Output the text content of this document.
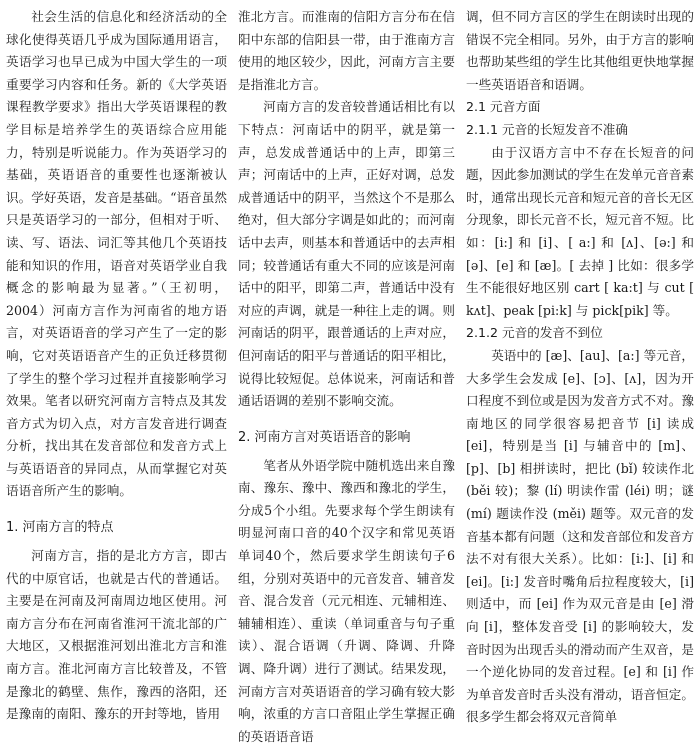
社会生活的信息化和经济活动的全球化使得英语几乎成为国际通用语言，英语学习也早已成为中国大学生的一项重要学习内容和任务。新的《大学英语课程教学要求》指出大学英语课程的教学目标是培养学生的英语综合应用能力，特别是听说能力。作为英语学习的基础，英语语音的重要性也逐渐被认识。学好英语，发音是基础。“语音虽然只是英语学习的一部分，但相对于听、读、写、语法、词汇等其他几个英语技能和知识的作用，语音对英语学业自我概念的影响最为显著。”（王初明，2004）河南方言作为河南省的地方语言，对英语语音的学习产生了一定的影响，它对英语语音产生的正负迁移贯彻了学生的整个学习过程并直接影响学习效果。笔者以研究河南方言特点及其发音方式为切入点，对方言发音进行调查分析，找出其在发音部位和发音方式上与英语语音的异同点，从而掌握它对英语语音所产生的影响。

1. 河南方言的特点

河南方言，指的是北方方言，即古代的中原官话，也就是古代的普通话。主要是在河南及河南周边地区使用。河南方言分布在河南省淮河干流北部的广大地区，又根据淮河划出淮北方言和淮南方言。淮北河南方言比较普及，不管是豫北的鹤壁、焦作，豫西的洛阳，还是豫南的南阳、豫东的开封等地，皆用

淮北方言。而淮南的信阳方言分布在信阳中东部的信阳县一带，由于淮南方言使用的地区较少，因此，河南方言主要是指淮北方言。

河南方言的发音较普通话相比有以下特点：河南话中的阴平，就是第一声，总发成普通话中的上声，即第三声；河南话中的上声，正好对调，总发成普通话中的阴平，当然这个不是那么绝对，但大部分字调是如此的；而河南话中去声，则基本和普通话中的去声相同；较普通话有重大不同的应该是河南话中的阳平，即第二声，普通话中没有对应的声调，就是一种往上走的调。则河南话的阴平，跟普通话的上声对应，但河南话的阳平与普通话的阳平相比，说得比较短促。总体说来，河南话和普通话语调的差别不影响交流。

2. 河南方言对英语语音的影响

笔者从外语学院中随机选出来自豫南、豫东、豫中、豫西和豫北的学生，分成5个小组。先要求每个学生朗读有明显河南口音的40个汉字和常见英语单词40个，然后要求学生朗读句子6组，分别对英语中的元音发音、辅音发音、混合发音（元元相连、元辅相连、辅辅相连）、重读（单词重音与句子重读）、混合语调（升调、降调、升降调、降升调）进行了测试。结果发现，河南方言对英语语音的学习确有较大影响，浓重的方言口音阻止学生掌握正确的英语语音语

调，但不同方言区的学生在朗读时出现的错误不完全相同。另外，由于方言的影响也帮助某些组的学生比其他组更快地掌握一些英语语音和语调。

2.1 元音方面
2.1.1 元音的长短发音不准确

由于汉语方言中不存在长短音的问题，因此参加测试的学生在发单元音音素时，通常出现长元音和短元音的音长无区分现象，即长元音不长，短元音不短。比如：[i:] 和 [i]、[ a:] 和 [ʌ]、[ə:] 和 [ə]、[e] 和 [æ]。[ 去掉 ] 比如：很多学生不能很好地区别 cart [ ka:t] 与 cut [ kʌt]、peak [pi:k] 与 pick[pik] 等。

2.1.2 元音的发音不到位

英语中的 [æ]、[au]、[a:] 等元音，大多学生会发成 [e]、[ɔ]、[ʌ]，因为开口程度不到位或是因为发音方式不对。豫南地区的同学很容易把音节 [i] 读成 [ei]，特别是当 [i] 与辅音中的 [m]、[p]、[b] 相拼读时，把比 (bǐ) 较读作北(běi 较)；黎 (lí) 明读作雷 (léi) 明；谜(mí) 题读作没 (měi) 题等。双元音的发音基本都有问题（这和发音部位和发音方法不对有很大关系）。比如：[i:]、[i] 和 [ei]。[i:] 发音时嘴角后拉程度较大，[i] 则适中，而 [ei] 作为双元音是由 [e] 滑向 [i]，整体发音受 [i] 的影响较大，发音时因为出现舌头的滑动而产生双音，是一个逆化协同的发音过程。[e] 和 [i] 作为单音发音时舌头没有滑动，语音恒定。很多学生都会将双元音简单
